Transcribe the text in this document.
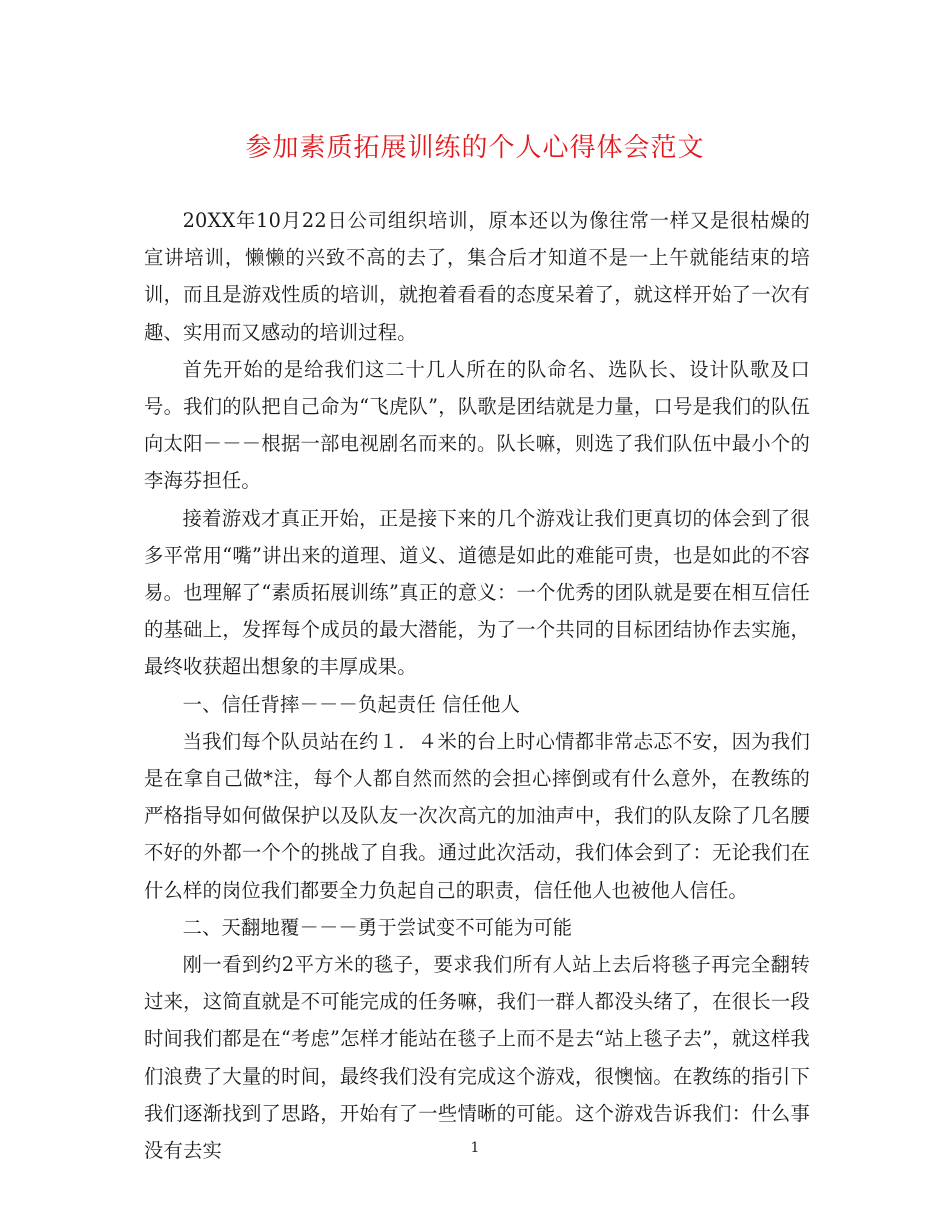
参加素质拓展训练的个人心得体会范文

20XX年10月22日公司组织培训，原本还以为像往常一样又是很枯燥的宣讲培训，懒懒的兴致不高的去了，集合后才知道不是一上午就能结束的培训，而且是游戏性质的培训，就抱着看看的态度呆着了，就这样开始了一次有趣、实用而又感动的培训过程。

首先开始的是给我们这二十几人所在的队命名、选队长、设计队歌及口号。我们的队把自己命为“飞虎队”，队歌是团结就是力量，口号是我们的队伍向太阳－－－根据一部电视剧名而来的。队长嘛，则选了我们队伍中最小个的李海芬担任。

接着游戏才真正开始，正是接下来的几个游戏让我们更真切的体会到了很多平常用“嘴”讲出来的道理、道义、道德是如此的难能可贵，也是如此的不容易。也理解了“素质拓展训练”真正的意义：一个优秀的团队就是要在相互信任的基础上，发挥每个成员的最大潜能，为了一个共同的目标团结协作去实施，最终收获超出想象的丰厚成果。

一、信任背摔－－－负起责任 信任他人

当我们每个队员站在约１．４米的台上时心情都非常忐忑不安，因为我们是在拿自己做*注，每个人都自然而然的会担心摔倒或有什么意外，在教练的严格指导如何做保护以及队友一次次高亢的加油声中，我们的队友除了几名腰不好的外都一个个的挑战了自我。通过此次活动，我们体会到了：无论我们在什么样的岗位我们都要全力负起自己的职责，信任他人也被他人信任。

二、天翻地覆－－－勇于尝试变不可能为可能

刚一看到约2平方米的毯子，要求我们所有人站上去后将毯子再完全翻转过来，这简直就是不可能完成的任务嘛，我们一群人都没头绪了，在很长一段时间我们都是在“考虑”怎样才能站在毯子上而不是去“站上毯子去”，就这样我们浪费了大量的时间，最终我们没有完成这个游戏，很懊恼。在教练的指引下我们逐渐找到了思路，开始有了一些情晰的可能。这个游戏告诉我们：什么事没有去实	1
